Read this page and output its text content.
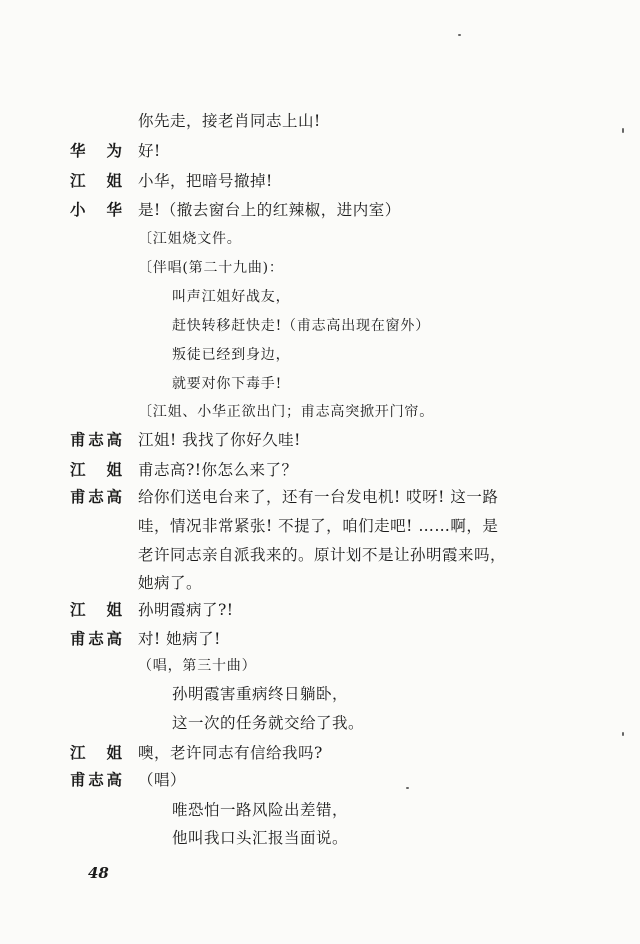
你先走，接老肖同志上山!
华 为 好!
江 姐 小华，把暗号撤掉!
小 华 是!（撤去窗台上的红辣椒，进内室）
〔江姐烧文件。
〔伴唱(第二十九曲)：
叫声江姐好战友，
赶快转移赶快走!（甫志高出现在窗外）
叛徒已经到身边，
就要对你下毒手!
〔江姐、小华正欲出门；甫志高突掀开门帘。
甫志高 江姐! 我找了你好久哇!
江 姐 甫志高?!你怎么来了？
甫志高 给你们送电台来了，还有一台发电机! 哎呀! 这一路
哇，情况非常紧张! 不提了，咱们走吧! ……啊，是
老许同志亲自派我来的。原计划不是让孙明霞来吗，
她病了。
江 姐 孙明霞病了?!
甫志高 对! 她病了!
（唱，第三十曲）
孙明霞害重病终日躺卧，
这一次的任务就交给了我。
江 姐 噢，老许同志有信给我吗?
甫志高 （唱）
唯恐怕一路风险出差错，
他叫我口头汇报当面说。
48
